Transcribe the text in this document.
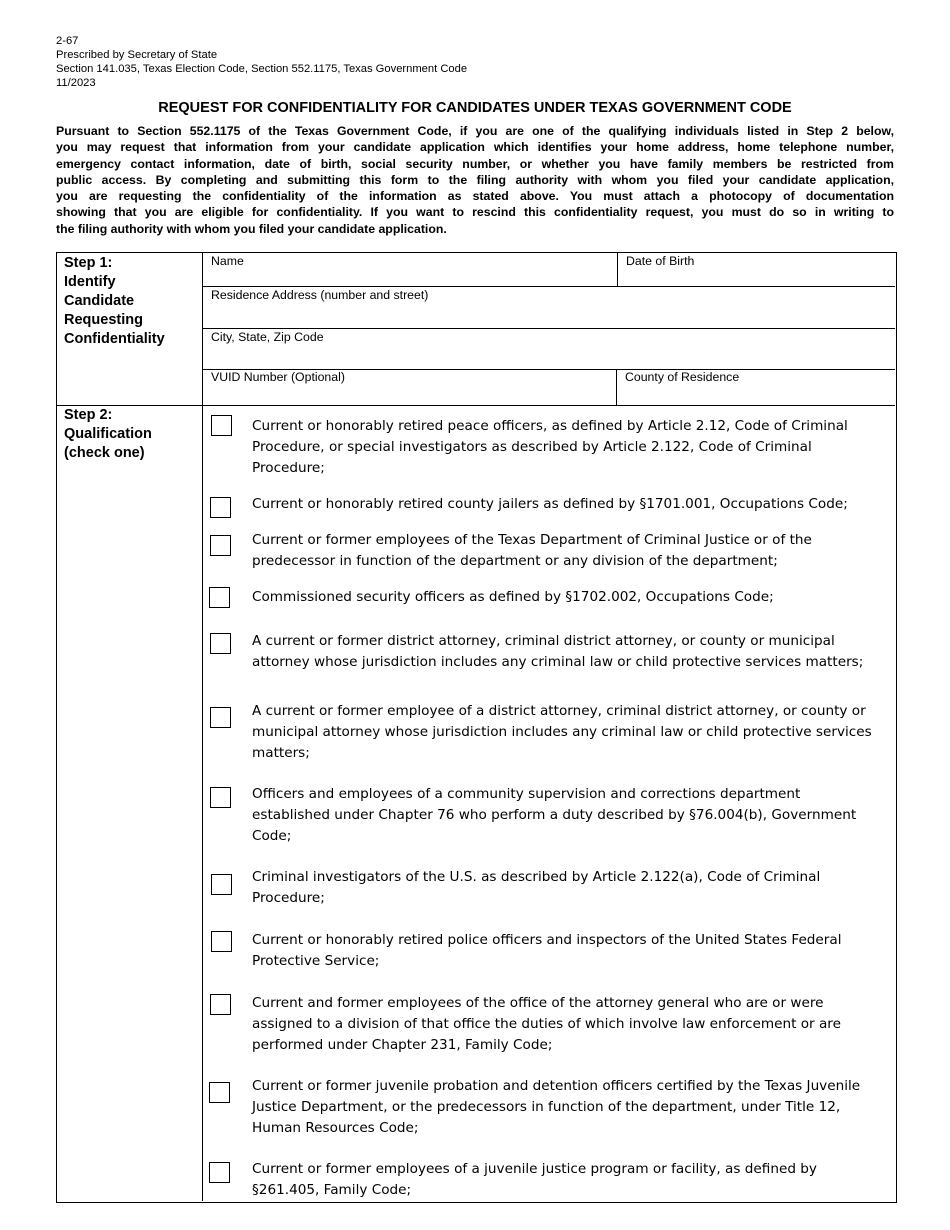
2-67
Prescribed by Secretary of State
Section 141.035, Texas Election Code, Section 552.1175, Texas Government Code
11/2023
REQUEST FOR CONFIDENTIALITY FOR CANDIDATES UNDER TEXAS GOVERNMENT CODE
Pursuant to Section 552.1175 of the Texas Government Code, if you are one of the qualifying individuals listed in Step 2 below,
you may request that information from your candidate application which identifies your home address, home telephone number,
emergency contact information, date of birth, social security number, or whether you have family members be restricted from
public access. By completing and submitting this form to the filing authority with whom you filed your candidate application,
you are requesting the confidentiality of the information as stated above. You must attach a photocopy of documentation
showing that you are eligible for confidentiality. If you want to rescind this confidentiality request, you must do so in writing to
the filing authority with whom you filed your candidate application.
Step 1:
Identify
Candidate
Requesting
Confidentiality
Name	Date of Birth
Residence Address (number and street)
City, State, Zip Code
VUID Number (Optional)	County of Residence
Step 2:
Qualification
(check one)
Current or honorably retired peace officers, as defined by Article 2.12, Code of Criminal
Procedure, or special investigators as described by Article 2.122, Code of Criminal
Procedure;
Current or honorably retired county jailers as defined by §1701.001, Occupations Code;
Current or former employees of the Texas Department of Criminal Justice or of the
predecessor in function of the department or any division of the department;
Commissioned security officers as defined by §1702.002, Occupations Code;
A current or former district attorney, criminal district attorney, or county or municipal
attorney whose jurisdiction includes any criminal law or child protective services matters;
A current or former employee of a district attorney, criminal district attorney, or county or
municipal attorney whose jurisdiction includes any criminal law or child protective services
matters;
Officers and employees of a community supervision and corrections department
established under Chapter 76 who perform a duty described by §76.004(b), Government
Code;
Criminal investigators of the U.S. as described by Article 2.122(a), Code of Criminal
Procedure;
Current or honorably retired police officers and inspectors of the United States Federal
Protective Service;
Current and former employees of the office of the attorney general who are or were
assigned to a division of that office the duties of which involve law enforcement or are
performed under Chapter 231, Family Code;
Current or former juvenile probation and detention officers certified by the Texas Juvenile
Justice Department, or the predecessors in function of the department, under Title 12,
Human Resources Code;
Current or former employees of a juvenile justice program or facility, as defined by
§261.405, Family Code;
